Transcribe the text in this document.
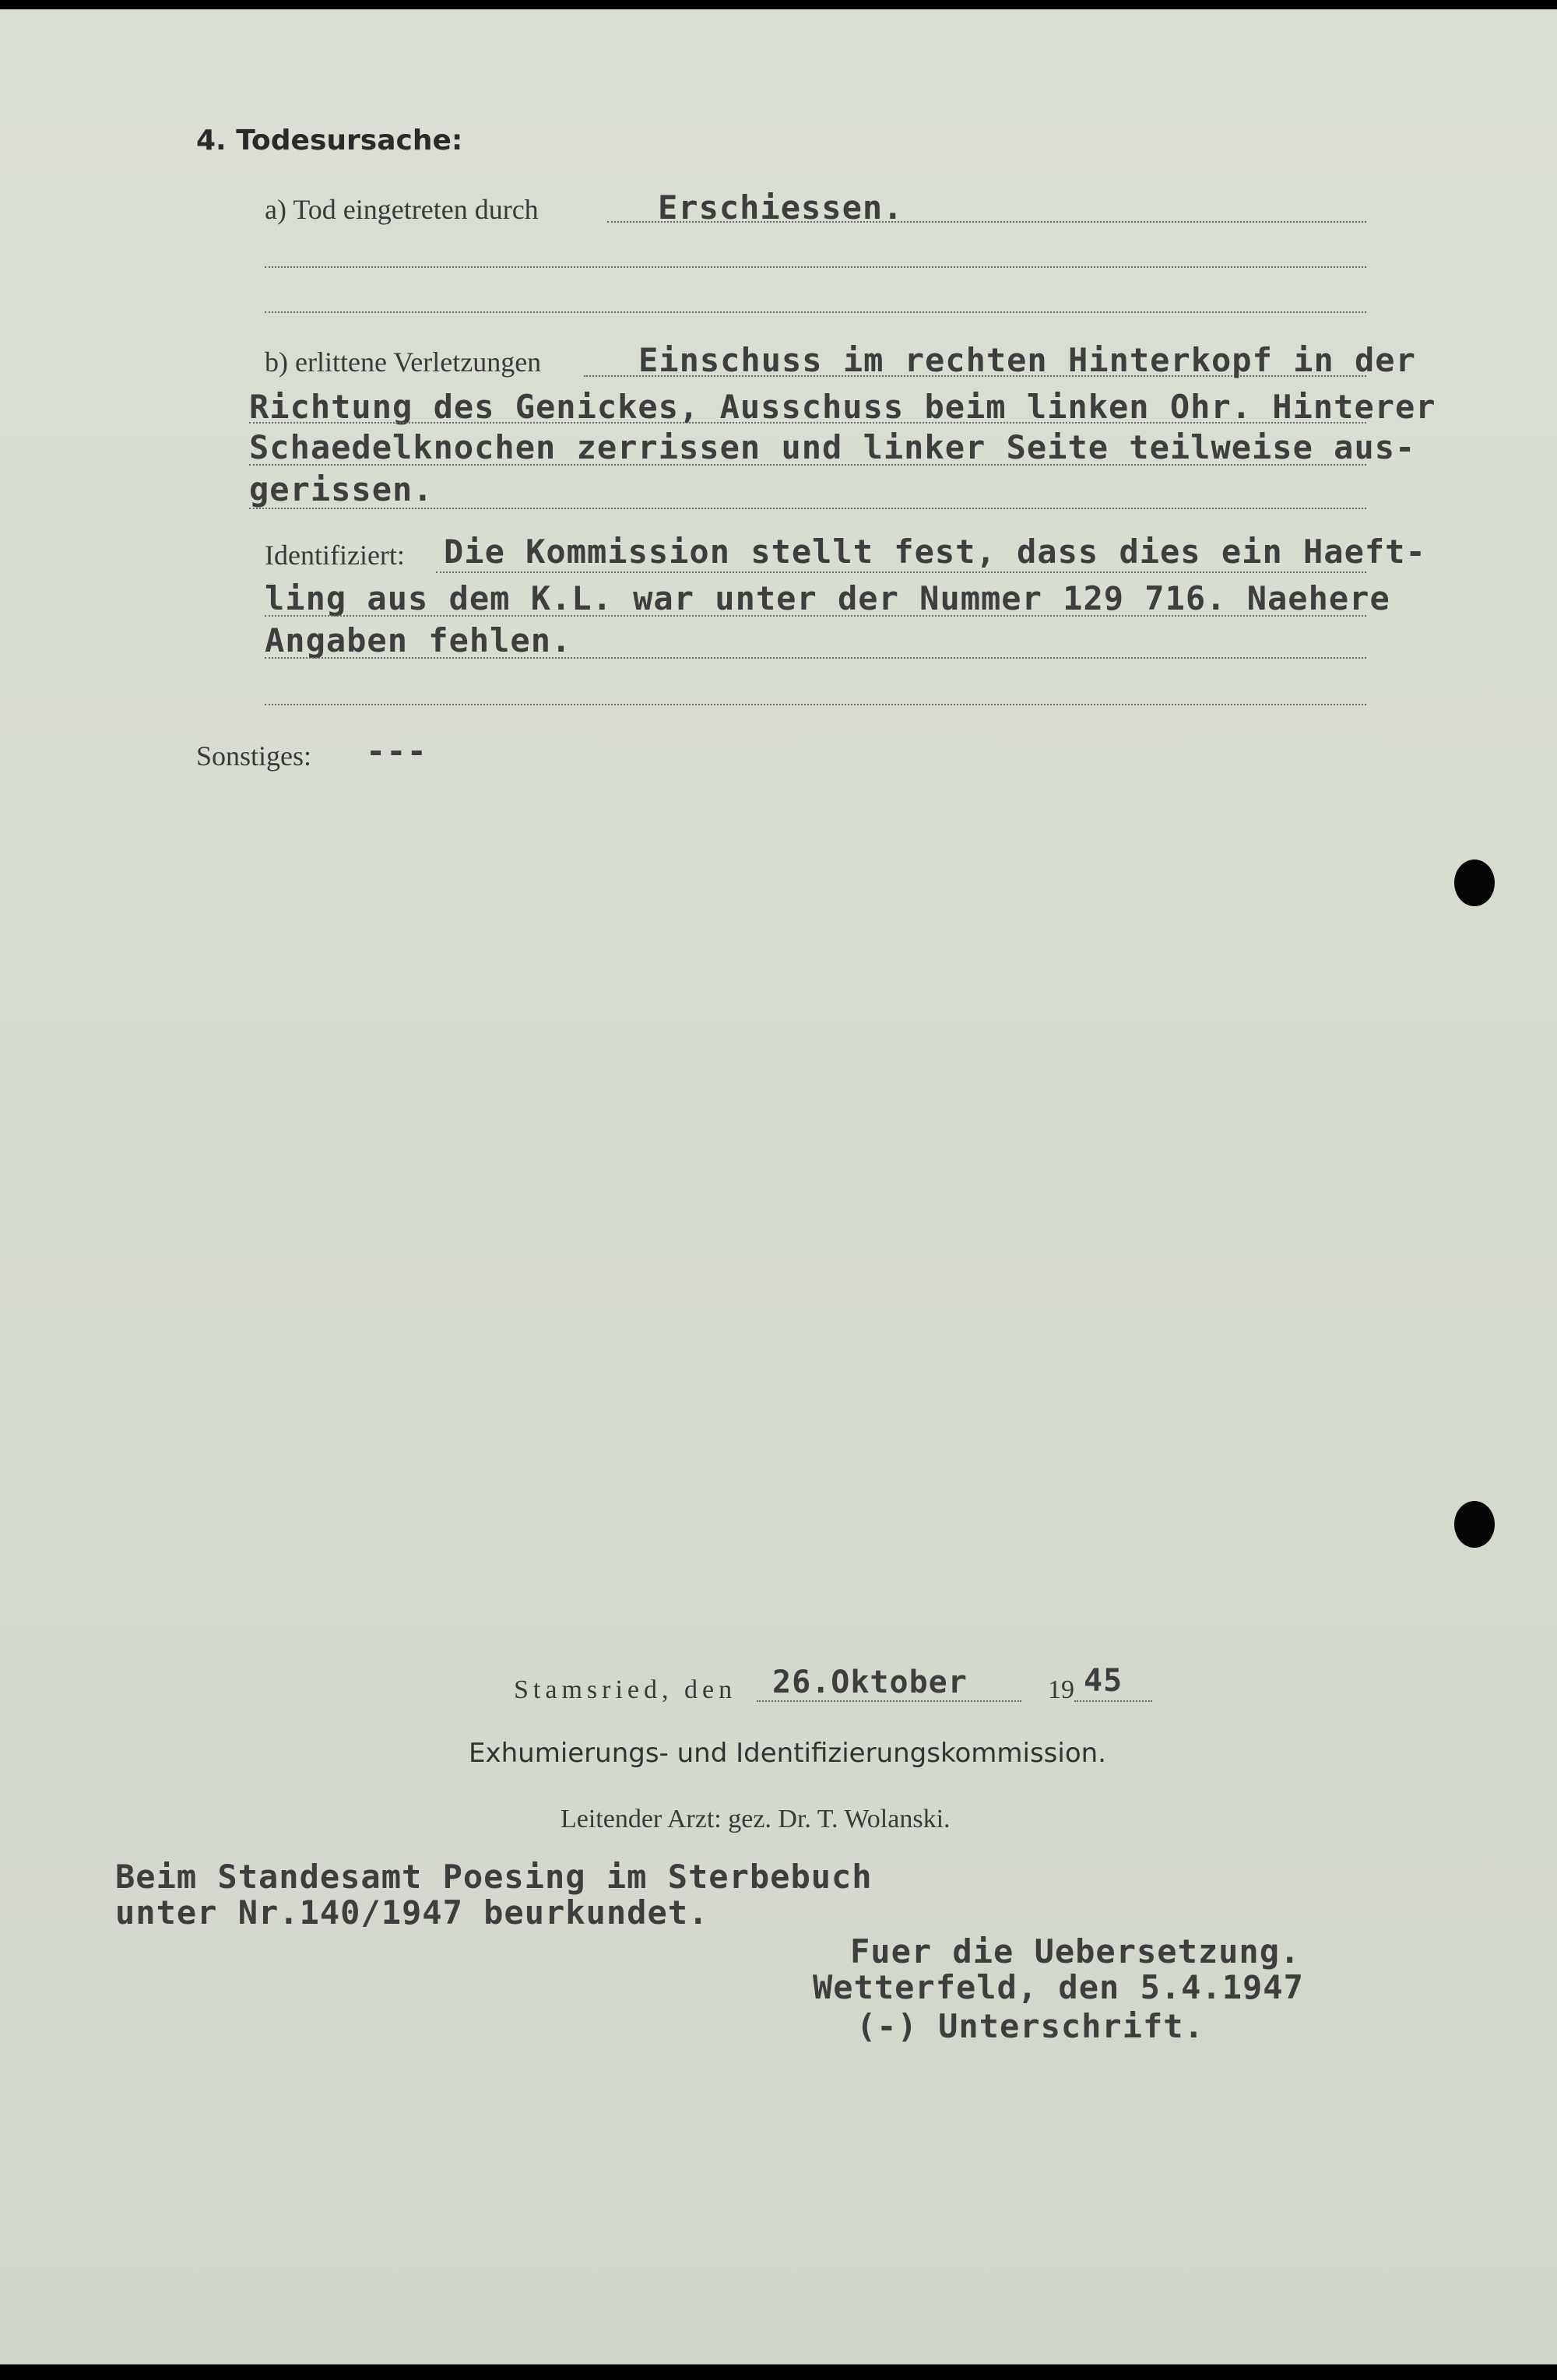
4. Todesursache:
a) Tod eingetreten durch	Erschiessen.
b) erlittene Verletzungen	Einschuss im rechten Hinterkopf in der
Richtung des Genickes, Ausschuss beim linken Ohr. Hinterer
Schaedelknochen zerrissen und linker Seite teilweise aus-
gerissen.
Identifiziert: Die Kommission stellt fest, dass dies ein Haeft-
ling aus dem K.L. war unter der Nummer 129 716. Naehere
Angaben fehlen.
Sonstiges: ---
Stamsried, den 26.Oktober	19 45
Exhumierungs- und Identifizierungskommission.
Leitender Arzt: gez. Dr. T. Wolanski.
Beim Standesamt Poesing im Sterbebuch
unter Nr.140/1947 beurkundet.
Fuer die Uebersetzung.
Wetterfeld, den 5.4.1947
(-) Unterschrift.
